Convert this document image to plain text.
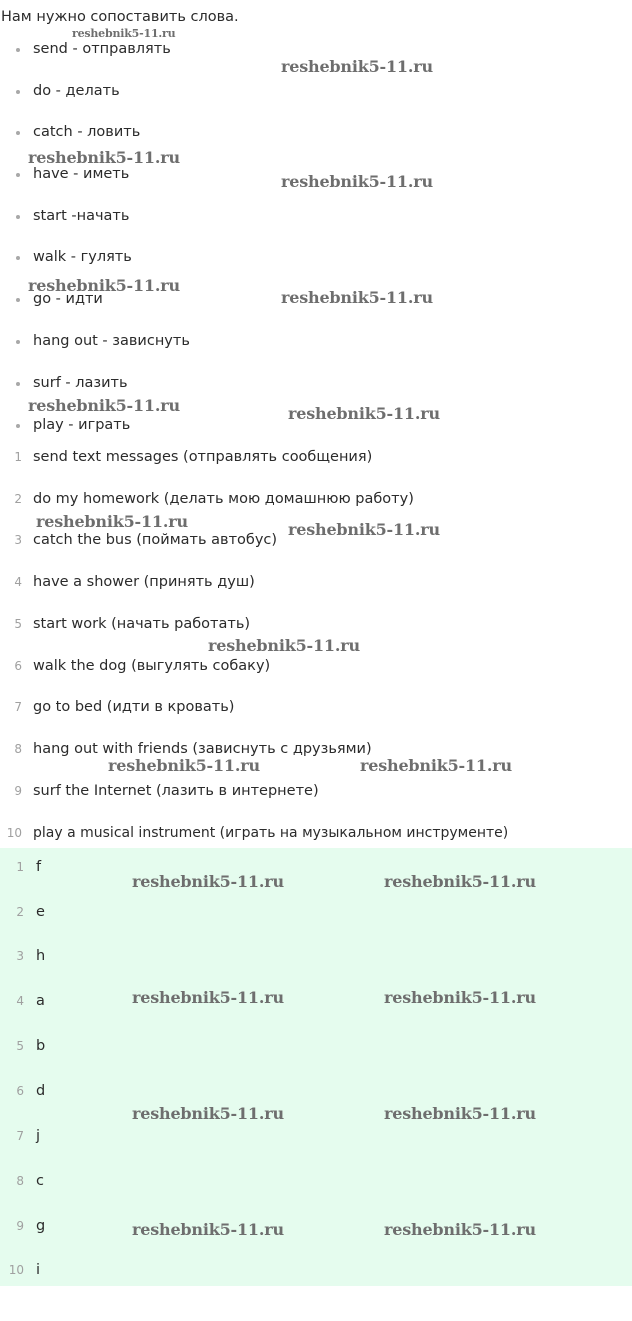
Нам нужно сопоставить слова.
send - отправлять
do - делать
catch - ловить
have - иметь
start -начать
walk - гулять
go - идти
hang out - зависнуть
surf - лазить
play - играть
1 send text messages (отправлять сообщения)
2 do my homework (делать мою домашнюю работу)
3 catch the bus (поймать автобус)
4 have a shower (принять душ)
5 start work (начать работать)
6 walk the dog (выгулять собаку)
7 go to bed (идти в кровать)
8 hang out with friends (зависнуть с друзьями)
9 surf the Internet (лазить в интернете)
10 play a musical instrument (играть на музыкальном инструменте)
1 f
2 e
3 h
4 a
5 b
6 d
7 j
8 c
9 g
10 i
reshebnik5-11.ru
reshebnik5-11.ru
reshebnik5-11.ru
reshebnik5-11.ru
reshebnik5-11.ru
reshebnik5-11.ru
reshebnik5-11.ru	reshebnik5-11.ru
reshebnik5-11.ru	reshebnik5-11.ru
reshebnik5-11.ru
reshebnik5-11.ru	reshebnik5-11.ru
reshebnik5-11.ru	reshebnik5-11.ru
reshebnik5-11.ru	reshebnik5-11.ru
reshebnik5-11.ru	reshebnik5-11.ru
reshebnik5-11.ru	reshebnik5-11.ru
